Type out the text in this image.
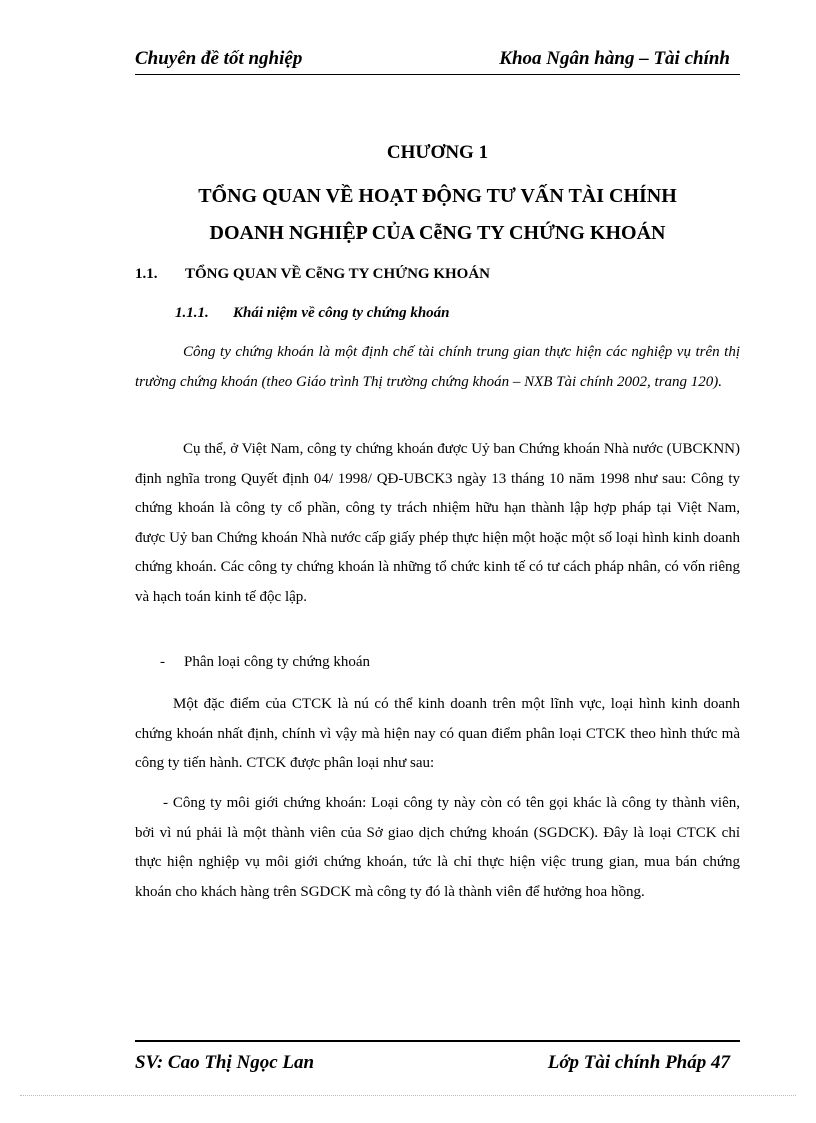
Chuyên đề tốt nghiệp	Khoa Ngân hàng – Tài chính
CHƯƠNG 1
TỔNG QUAN VỀ HOẠT ĐỘNG TƯ VẤN TÀI CHÍNH
DOANH NGHIỆP CỦA CễNG TY CHỨNG KHOÁN
1.1. TỔNG QUAN VỀ CễNG TY CHỨNG KHOÁN
1.1.1. Khái niệm về công ty chứng khoán

Công ty chứng khoán là một định chế tài chính trung gian thực hiện các nghiệp vụ trên thị trường chứng khoán (theo Giáo trình Thị trường chứng khoán – NXB Tài chính 2002, trang 120).

Cụ thể, ở Việt Nam, công ty chứng khoán được Uỷ ban Chứng khoán Nhà nước (UBCKNN) định nghĩa trong Quyết định 04/ 1998/ QĐ-UBCK3 ngày 13 tháng 10 năm 1998 như sau: Công ty chứng khoán là công ty cổ phần, công ty trách nhiệm hữu hạn thành lập hợp pháp tại Việt Nam, được Uỷ ban Chứng khoán Nhà nước cấp giấy phép thực hiện một hoặc một số loại hình kinh doanh chứng khoán. Các công ty chứng khoán là những tổ chức kinh tế có tư cách pháp nhân, có vốn riêng và hạch toán kinh tế độc lập.

- Phân loại công ty chứng khoán

Một đặc điểm của CTCK là nú có thể kinh doanh trên một lĩnh vực, loại hình kinh doanh chứng khoán nhất định, chính vì vậy mà hiện nay có quan điểm phân loại CTCK theo hình thức mà công ty tiến hành. CTCK được phân loại như sau:

- Công ty môi giới chứng khoán: Loại công ty này còn có tên gọi khác là công ty thành viên, bởi vì nú phải là một thành viên của Sở giao dịch chứng khoán (SGDCK). Đây là loại CTCK chỉ thực hiện nghiệp vụ môi giới chứng khoán, tức là chỉ thực hiện việc trung gian, mua bán chứng khoán cho khách hàng trên SGDCK mà công ty đó là thành viên để hưởng hoa hồng.

SV: Cao Thị Ngọc Lan	Lớp Tài chính Pháp 47
